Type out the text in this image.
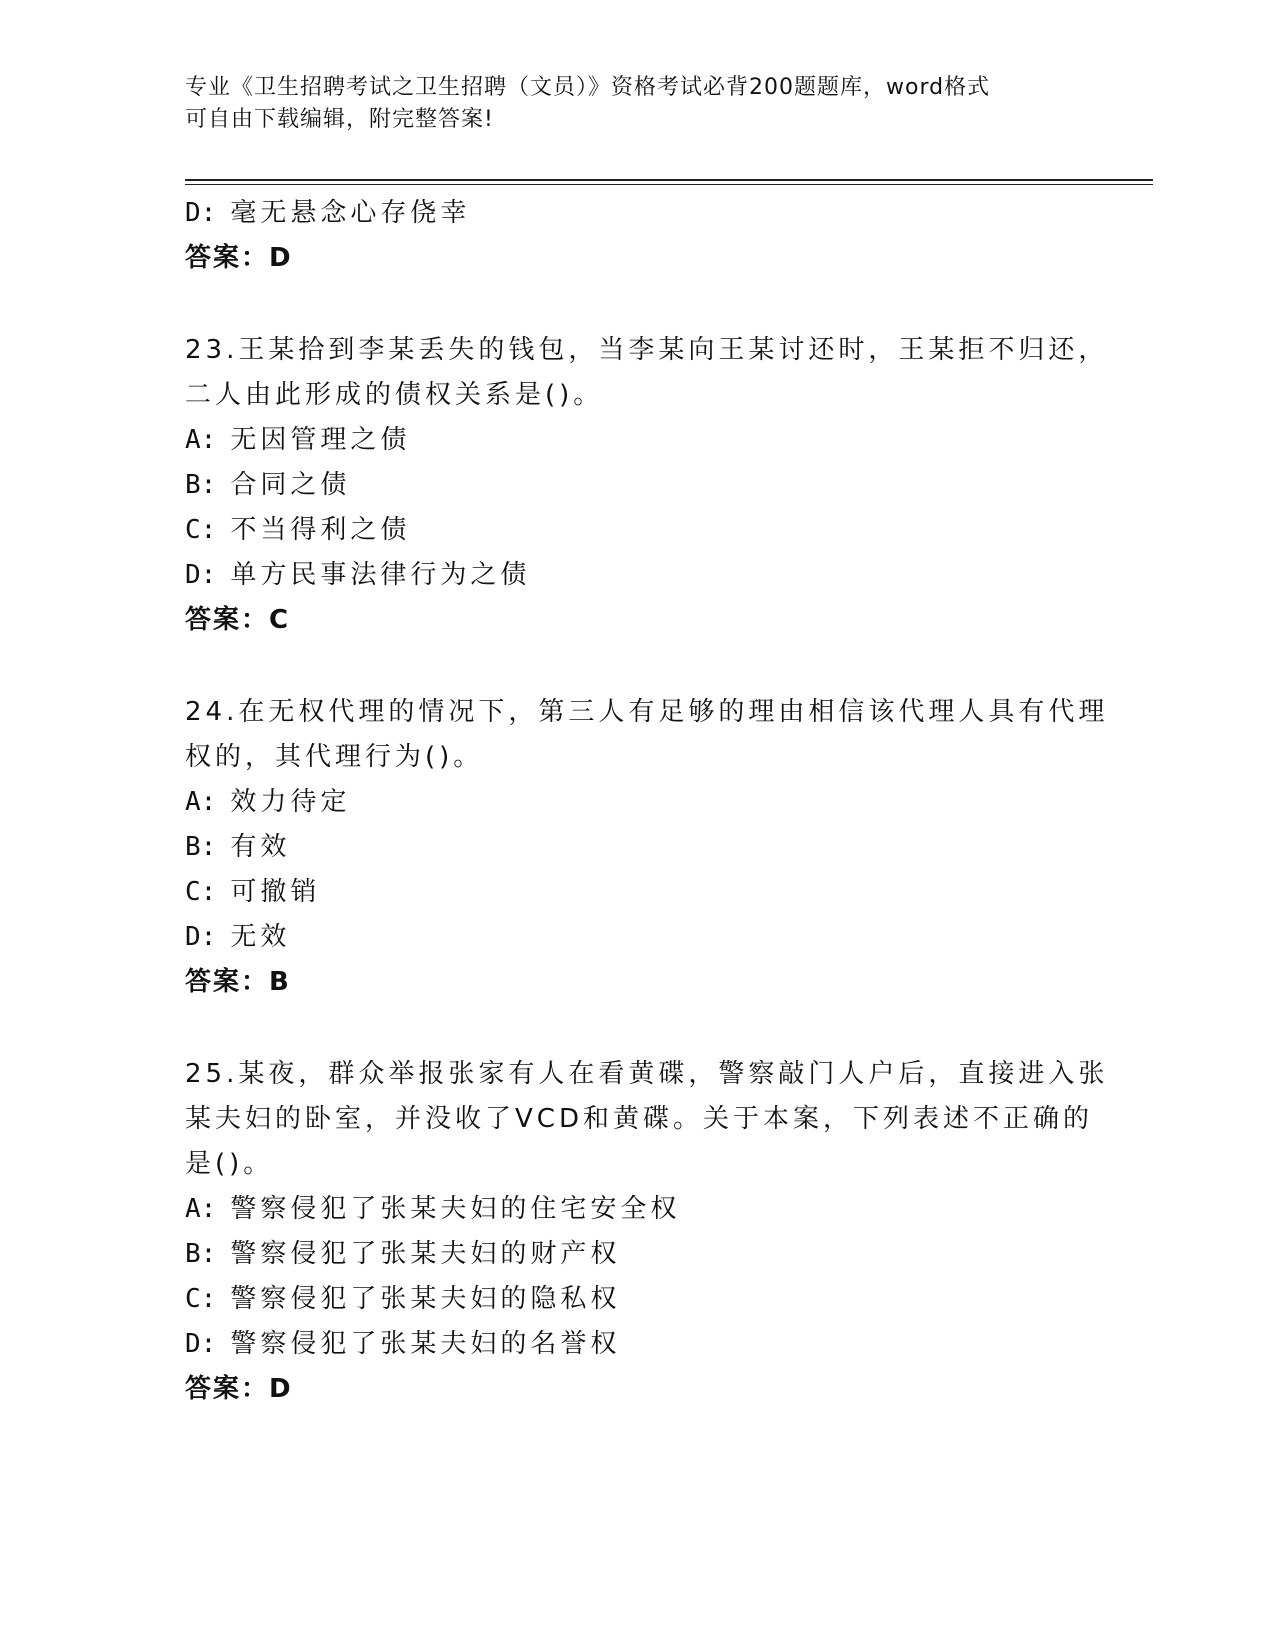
专业《卫生招聘考试之卫生招聘（文员）》资格考试必背200题题库，word格式
可自由下载编辑，附完整答案!
D: 毫无悬念心存侥幸
答案：D
23.王某拾到李某丢失的钱包，当李某向王某讨还时，王某拒不归还，
二人由此形成的债权关系是()。
A: 无因管理之债
B: 合同之债
C: 不当得利之债
D: 单方民事法律行为之债
答案：C
24.在无权代理的情况下，第三人有足够的理由相信该代理人具有代理
权的，其代理行为()。
A: 效力待定
B: 有效
C: 可撤销
D: 无效
答案：B
25.某夜，群众举报张家有人在看黄碟，警察敲门人户后，直接进入张
某夫妇的卧室，并没收了VCD和黄碟。关于本案，下列表述不正确的
是()。
A: 警察侵犯了张某夫妇的住宅安全权
B: 警察侵犯了张某夫妇的财产权
C: 警察侵犯了张某夫妇的隐私权
D: 警察侵犯了张某夫妇的名誉权
答案：D
